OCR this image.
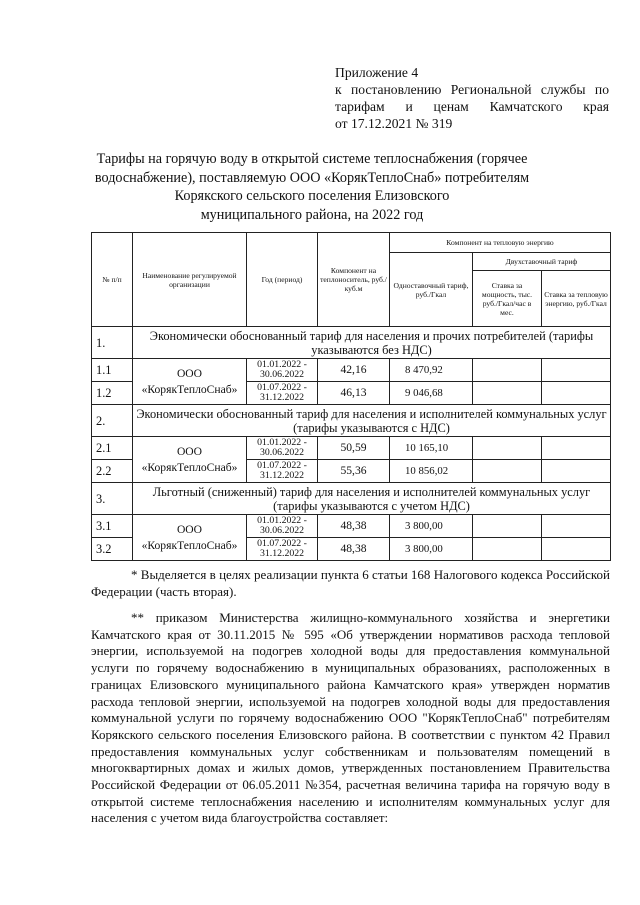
Приложение 4
к постановлению Региональной службы по
тарифам и ценам Камчатского края
от 17.12.2021 № 319
Тарифы на горячую воду в открытой системе теплоснабжения (горячее
водоснабжение), поставляемую ООО «КорякТеплоСнаб» потребителям
Корякского сельского поселения Елизовского
муниципального района, на 2022 год
№ п/п	Наименование регулируемой организации	Год (период)	Компонент на теплоноситель, руб./куб.м	Компонент на тепловую энергию		
				Одноставочный тариф, руб./Гкал	Двухставочный тариф	
					Ставка за мощность, тыс. руб./Гкал/час в мес.	Ставка за тепловую энергию, руб./Гкал
1.	Экономически обоснованный тариф для населения и прочих потребителей (тарифы указываются без НДС)					
1.1	ООО «КорякТеплоСнаб»	01.01.2022 - 30.06.2022	42,16	8 470,92		
1.2		01.07.2022 - 31.12.2022	46,13	9 046,68		
2.	Экономически обоснованный тариф для населения и исполнителей коммунальных услуг (тарифы указываются с НДС)					
2.1	ООО «КорякТеплоСнаб»	01.01.2022 - 30.06.2022	50,59	10 165,10		
2.2		01.07.2022 - 31.12.2022	55,36	10 856,02		
3.	Льготный (сниженный) тариф для населения и исполнителей коммунальных услуг (тарифы указываются с учетом НДС)					
3.1	ООО «КорякТеплоСнаб»	01.01.2022 - 30.06.2022	48,38	3 800,00		
3.2		01.07.2022 - 31.12.2022	48,38	3 800,00		

* Выделяется в целях реализации пункта 6 статьи 168 Налогового кодекса Российской Федерации (часть вторая).

** приказом Министерства жилищно-коммунального хозяйства и энергетики Камчатского края от 30.11.2015 № 595 «Об утверждении нормативов расхода тепловой энергии, используемой на подогрев холодной воды для предоставления коммунальной услуги по горячему водоснабжению в муниципальных образованиях, расположенных в границах Елизовского муниципального района Камчатского края» утвержден норматив расхода тепловой энергии, используемой на подогрев холодной воды для предоставления коммунальной услуги по горячему водоснабжению ООО "КорякТеплоСнаб" потребителям Корякского сельского поселения Елизовского района. В соответствии с пунктом 42 Правил предоставления коммунальных услуг собственникам и пользователям помещений в многоквартирных домах и жилых домов, утвержденных постановлением Правительства Российской Федерации от 06.05.2011 №354, расчетная величина тарифа на горячую воду в открытой системе теплоснабжения населению и исполнителям коммунальных услуг для населения с учетом вида благоустройства составляет:
